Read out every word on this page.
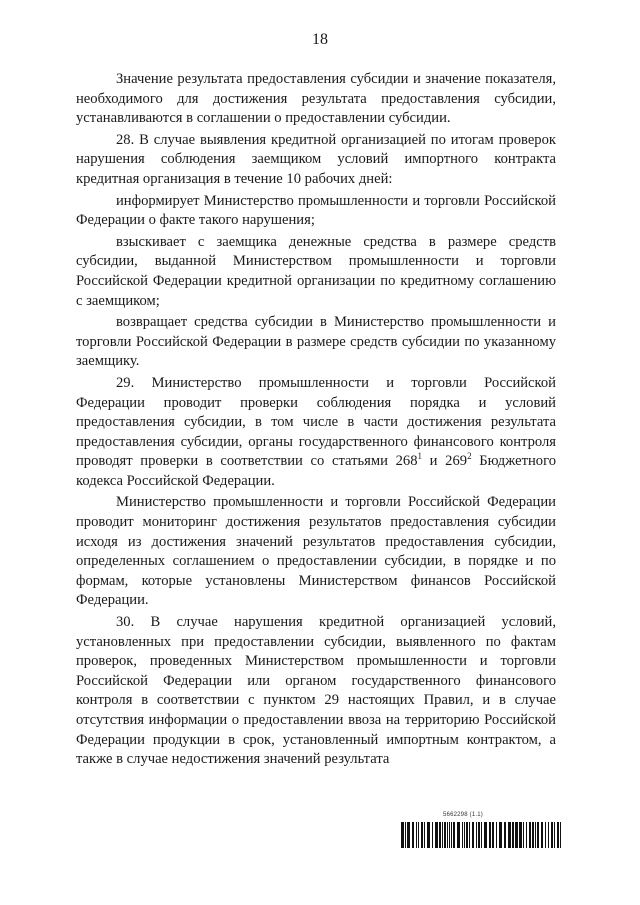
18

Значение результата предоставления субсидии и значение показателя, необходимого для достижения результата предоставления субсидии, устанавливаются в соглашении о предоставлении субсидии.

28. В случае выявления кредитной организацией по итогам проверок нарушения соблюдения заемщиком условий импортного контракта кредитная организация в течение 10 рабочих дней:

информирует Министерство промышленности и торговли Российской Федерации о факте такого нарушения;

взыскивает с заемщика денежные средства в размере средств субсидии, выданной Министерством промышленности и торговли Российской Федерации кредитной организации по кредитному соглашению с заемщиком;

возвращает средства субсидии в Министерство промышленности и торговли Российской Федерации в размере средств субсидии по указанному заемщику.

29. Министерство промышленности и торговли Российской Федерации проводит проверки соблюдения порядка и условий предоставления субсидии, в том числе в части достижения результата предоставления субсидии, органы государственного финансового контроля проводят проверки в соответствии со статьями $268^1$ и $269^2$ Бюджетного кодекса Российской Федерации.

Министерство промышленности и торговли Российской Федерации проводит мониторинг достижения результатов предоставления субсидии исходя из достижения значений результатов предоставления субсидии, определенных соглашением о предоставлении субсидии, в порядке и по формам, которые установлены Министерством финансов Российской Федерации.

30. В случае нарушения кредитной организацией условий, установленных при предоставлении субсидии, выявленного по фактам проверок, проведенных Министерством промышленности и торговли Российской Федерации или органом государственного финансового контроля в соответствии с пунктом 29 настоящих Правил, и в случае отсутствия информации о предоставлении ввоза на территорию Российской Федерации продукции в срок, установленный импортным контрактом, а также в случае недостижения значений результата

5662298 (1.1)
